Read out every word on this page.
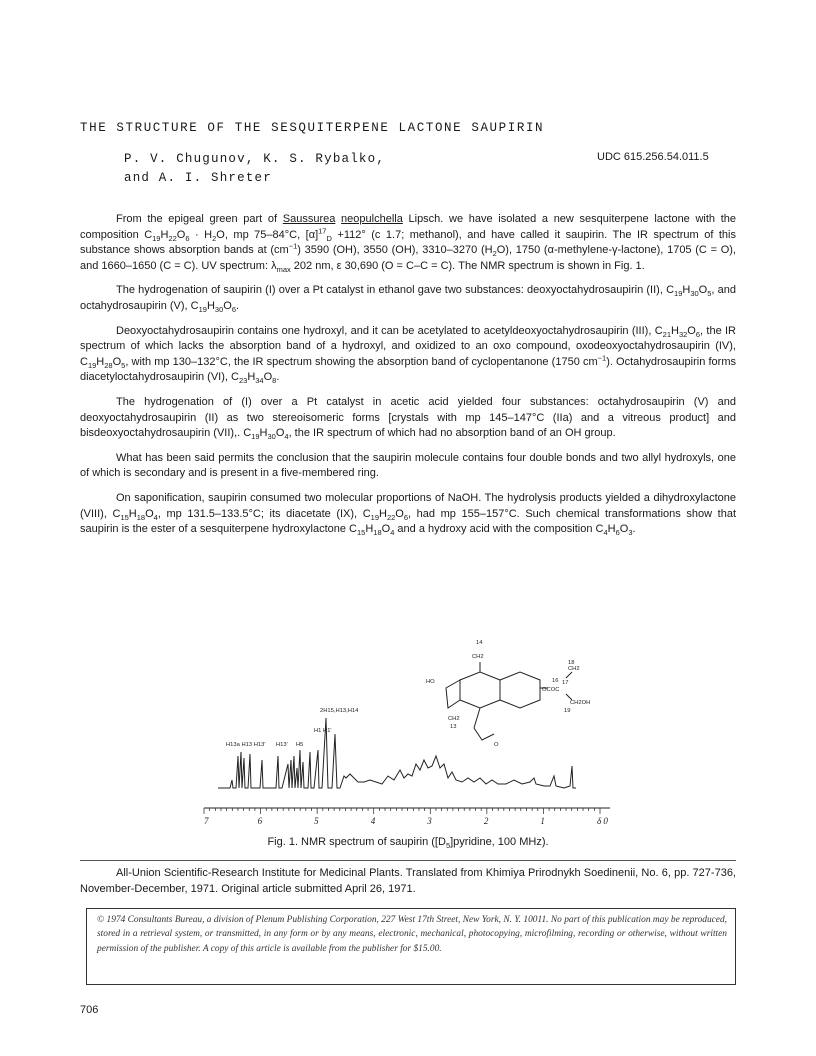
THE STRUCTURE OF THE SESQUITERPENE LACTONE SAUPIRIN
P. V. Chugunov, K. S. Rybalko,
and A. I. Shreter
UDC 615.256.54.011.5

From the epigeal green part of Saussurea neopulchella Lipsch. we have isolated a new sesquiterpene lactone with the composition $C_{19}H_{22}O_6 \cdot H_2O$, mp 75–84°C, $[\alpha]^{17}_D +112^\circ$ (c 1.7; methanol), and have called it saupirin. The IR spectrum of this substance shows absorption bands at $(cm^{-1})$ 3590 (OH), 3550 (OH), 3310–3270 $(H_2O)$, 1750 (α-methylene-γ-lactone), 1705 (C = O), and 1660–1650 (C = C). UV spectrum: $\lambda_{max}$ 202 nm, ε 30,690 (O = C–C = C). The NMR spectrum is shown in Fig. 1.

The hydrogenation of saupirin (I) over a Pt catalyst in ethanol gave two substances: deoxyoctahydrosaupirin (II), $C_{19}H_{30}O_5$, and octahydrosaupirin (V), $C_{19}H_{30}O_6$.

Deoxyoctahydrosaupirin contains one hydroxyl, and it can be acetylated to acetyldeoxyoctahydrosaupirin (III), $C_{21}H_{32}O_6$, the IR spectrum of which lacks the absorption band of a hydroxyl, and oxidized to an oxo compound, oxodeoxyoctahydrosaupirin (IV), $C_{19}H_{28}O_5$, with mp 130–132°C, the IR spectrum showing the absorption band of cyclopentanone (1750 $cm^{-1}$). Octahydrosaupirin forms diacetyloctahydrosaupirin (VI), $C_{23}H_{34}O_8$.

The hydrogenation of (I) over a Pt catalyst in acetic acid yielded four substances: octahydrosaupirin (V) and deoxyoctahydrosaupirin (II) as two stereoisomeric forms [crystals with mp 145–147°C (IIa) and a vitreous product] and bisdeoxyoctahydrosaupirin (VII),. $C_{19}H_{30}O_4$, the IR spectrum of which had no absorption band of an OH group.

What has been said permits the conclusion that the saupirin molecule contains four double bonds and two allyl hydroxyls, one of which is secondary and is present in a five-membered ring.

On saponification, saupirin consumed two molecular proportions of NaOH. The hydrolysis products yielded a dihydroxylactone (VIII), $C_{15}H_{18}O_4$, mp 131.5–133.5°C; its diacetate (IX), $C_{19}H_{22}O_6$, had mp 155–157°C. Such chemical transformations show that saupirin is the ester of a sesquiterpene hydroxylactone $C_{15}H_{18}O_4$ and a hydroxy acid with the composition $C_4H_6O_3$.

14
CH2
HO
OCOC
CH2
CH2OH
CH2
13
O
18
17
16
19
2H15,H13,H14
H13a H13 H13' H13' H5
H1 H1'
7	6	5	4	3	2	1	δ 0
Fig. 1. NMR spectrum of saupirin ($[D_5]pyridine$, 100 MHz).
All-Union Scientific-Research Institute for Medicinal Plants. Translated from Khimiya Prirodnykh Soedinenii, No. 6, pp. 727-736, November-December, 1971. Original article submitted April 26, 1971.
© 1974 Consultants Bureau, a division of Plenum Publishing Corporation, 227 West 17th Street, New York, N. Y. 10011. No part of this publication may be reproduced, stored in a retrieval system, or transmitted, in any form or by any means, electronic, mechanical, photocopying, microfilming, recording or otherwise, without written permission of the publisher. A copy of this article is available from the publisher for $15.00.
706
